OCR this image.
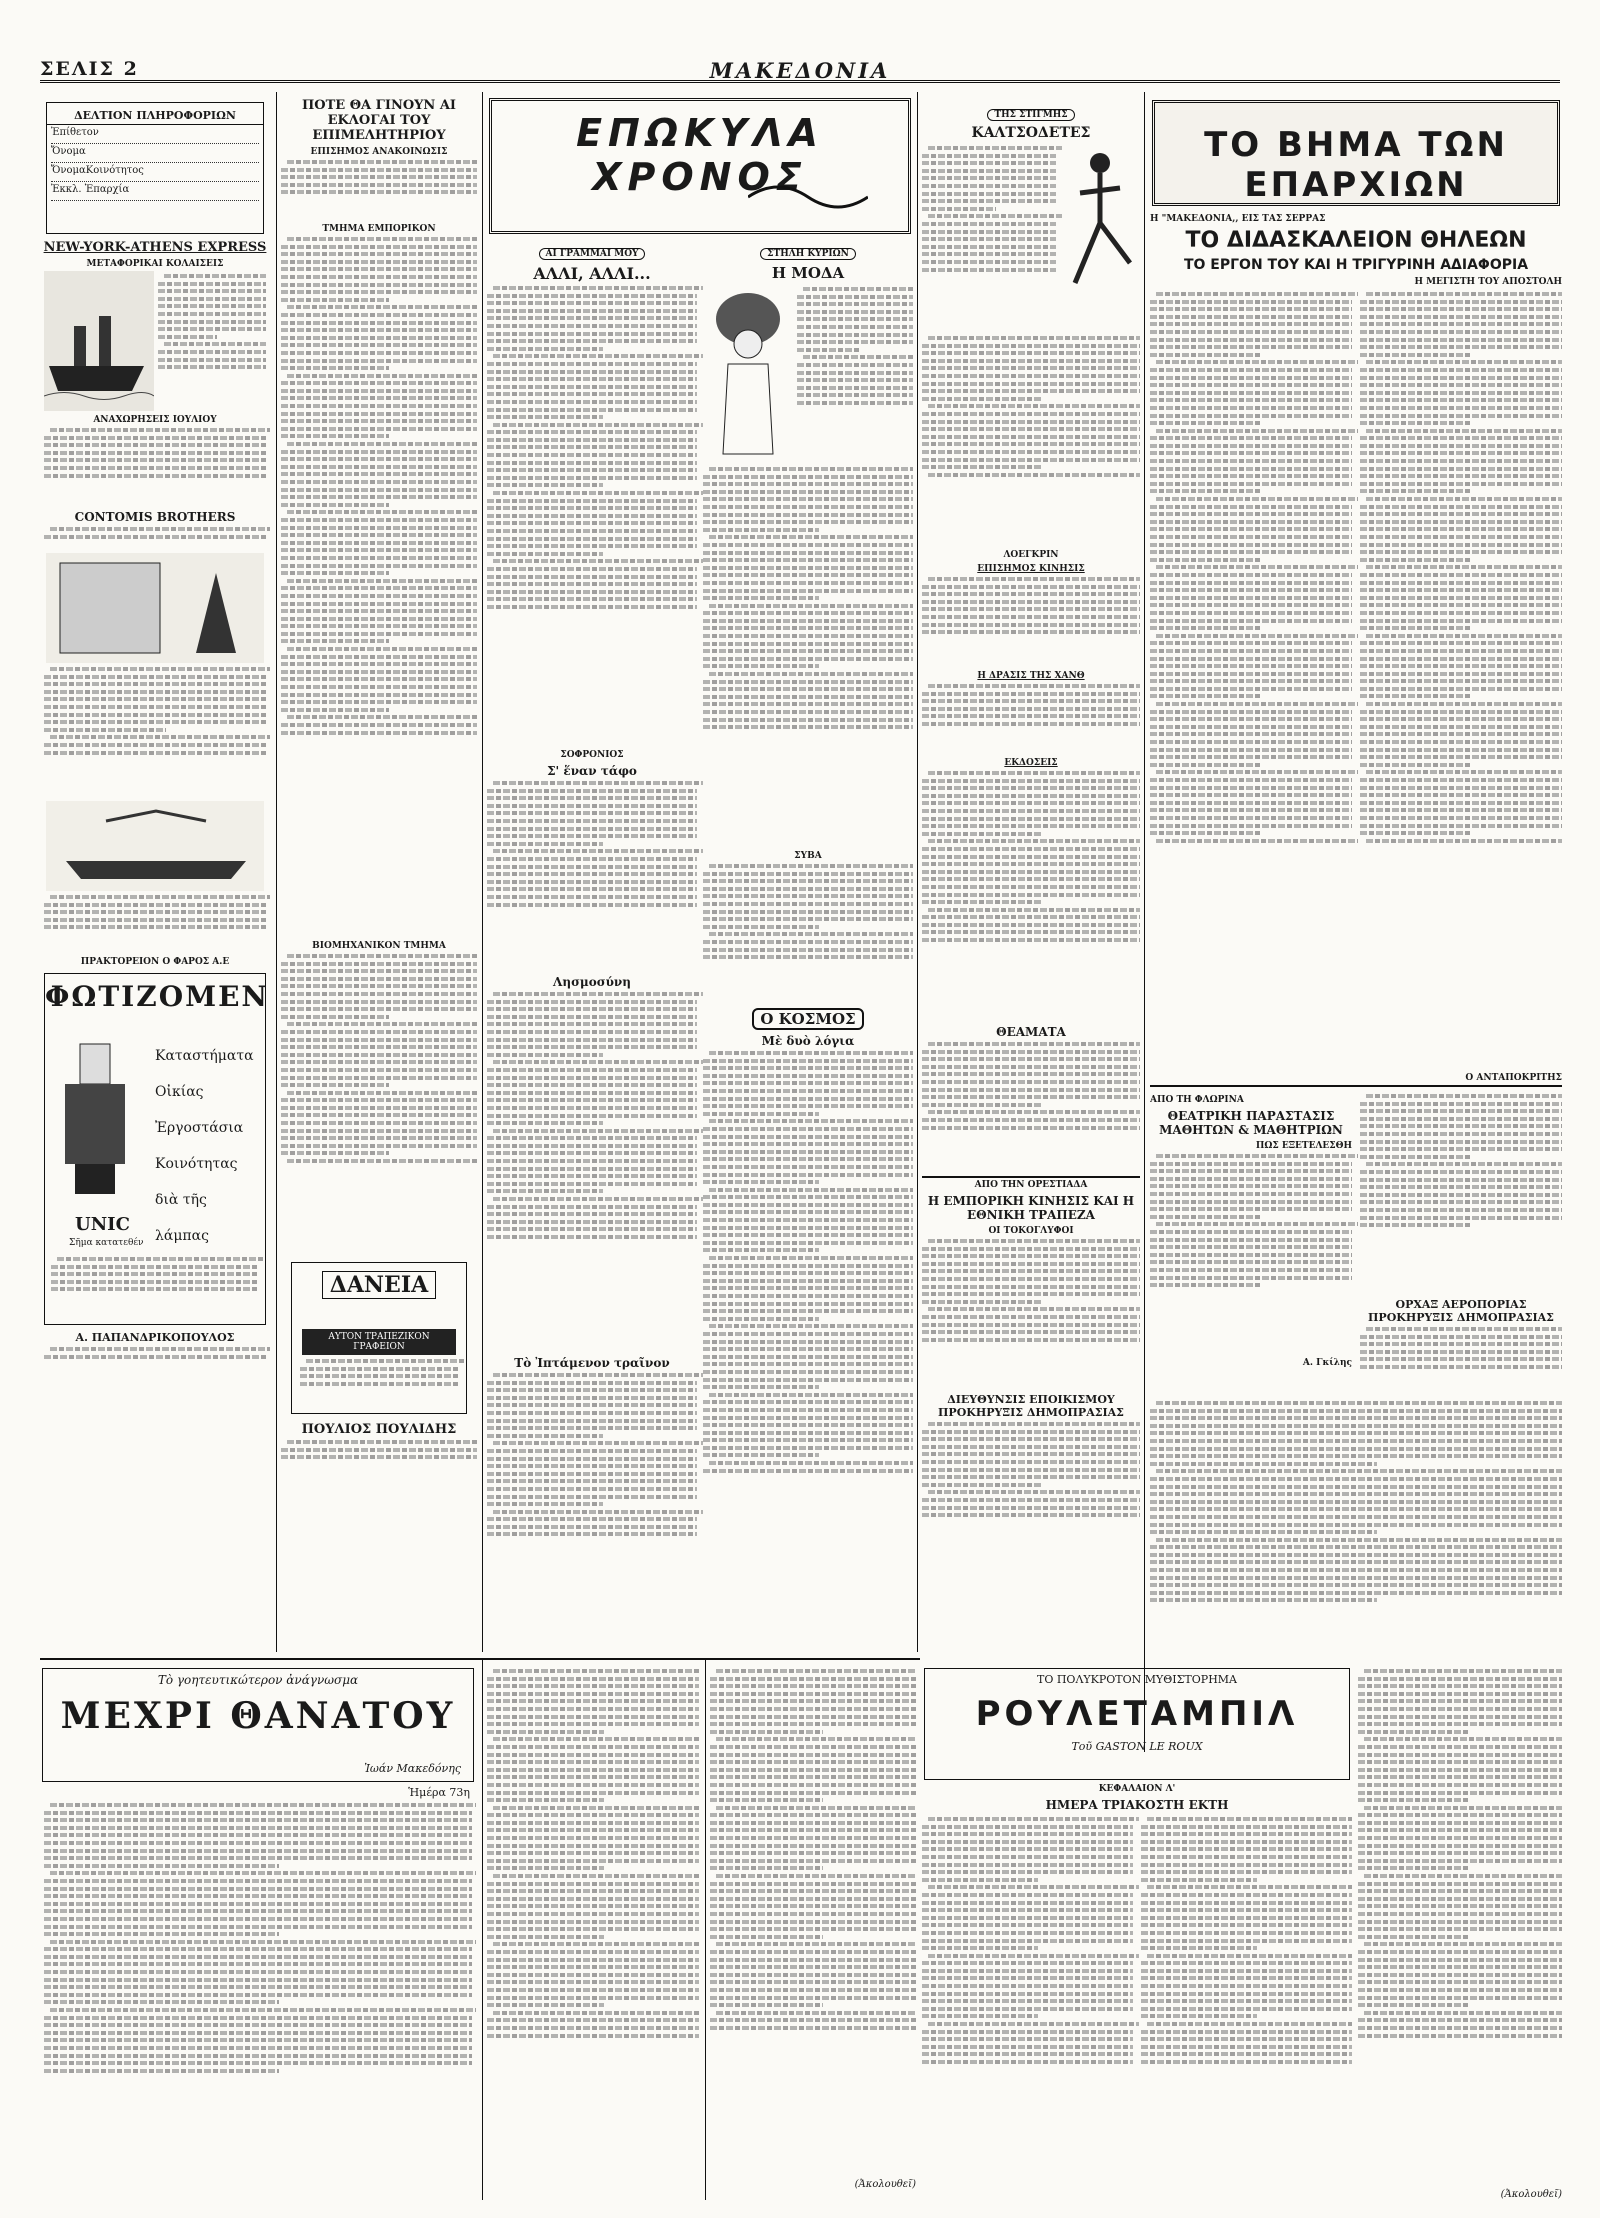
ΣΕΛΙΣ 2	ΜΑΚΕΔΟΝΙΑ
ΔΕΛΤΙΟΝ ΠΛΗΡΟΦΟΡΙΩΝ
Ἐπίθετον
Ὄνομα
ὌνομαΚοινότητος
Ἐκκλ. Ἐπαρχία
NEW-YORK-ATHENS EXPRESS
ΜΕΤΑΦΟΡΙΚΑΙ ΚΟΛΑΙΣΕΙΣ
ΑΝΑΧΩΡΗΣΕΙΣ ΙΟΥΛΙΟΥ
CONTOMIS BROTHERS
ΠΡΑΚΤΟΡΕΙΟΝ Ο ΦΑΡΟΣ Α.Ε
ΦΩΤΙΖΟΜΕΝ
Καταστήματα
Οἰκίας
Ἐργοστάσια
Κοινότητας
διὰ τῆς λάμπας
UNIC
Σῆμα κατατεθέν
Α. ΠΑΠΑΝΔΡΙΚΟΠΟΥΛΟΣ
ΠΟΤΕ ΘΑ ΓΙΝΟΥΝ ΑΙ ΕΚΛΟΓΑΙ ΤΟΥ ΕΠΙΜΕΛΗΤΗΡΙΟΥ
ΕΠΙΣΗΜΟΣ ΑΝΑΚΟΙΝΩΣΙΣ
ΤΜΗΜΑ ΕΜΠΟΡΙΚΟΝ
ΒΙΟΜΗΧΑΝΙΚΟΝ ΤΜΗΜΑ
ΔΑΝΕΙΑ
ΑΥΤΟΝ ΤΡΑΠΕΖΙΚΟΝ ΓΡΑΦΕΙΟΝ
ΠΟΥΛΙΟΣ ΠΟΥΛΙΔΗΣ
ΕΠΩΚΥΛΑ ΧΡΟΝΟΣ
ΑΙ ΓΡΑΜΜΑΙ ΜΟΥ
ΑΛΛΙ, ΑΛΛΙ...
ΣΟΦΡΟΝΙΟΣ
Σ' ἕναν τάφο
Λησμοσύνη
Τὸ Ἰπτάμενον τραῖνον
ΣΤΗΛΗ ΚΥΡΙΩΝ
Η ΜΟΔΑ
ΣΥΒΑ
Ο ΚΟΣΜΟΣ
Μὲ δυὸ λόγια
ΤΗΣ ΣΤΙΓΜΗΣ
ΚΑΛΤΣΟΔΕΤΕΣ
ΛΟΕΓΚΡΙΝ
ΕΠΙΣΗΜΟΣ ΚΙΝΗΣΙΣ
Η ΔΡΑΣΙΣ ΤΗΣ ΧΑΝΘ
ΕΚΔΟΣΕΙΣ
ΘΕΑΜΑΤΑ
ΑΠΟ ΤΗΝ ΟΡΕΣΤΙΑΔΑ
Η ΕΜΠΟΡΙΚΗ ΚΙΝΗΣΙΣ ΚΑΙ Η ΕΘΝΙΚΗ ΤΡΑΠΕΖΑ
ΟΙ ΤΟΚΟΓΛΥΦΟΙ
ΔΙΕΥΘΥΝΣΙΣ ΕΠΟΙΚΙΣΜΟΥ ΠΡΟΚΗΡΥΞΙΣ ΔΗΜΟΠΡΑΣΙΑΣ
ΤΟ ΒΗΜΑ ΤΩΝ ΕΠΑΡΧΙΩΝ
Η "ΜΑΚΕΔΟΝΙΑ,, ΕΙΣ ΤΑΣ ΣΕΡΡΑΣ
ΤΟ ΔΙΔΑΣΚΑΛΕΙΟΝ ΘΗΛΕΩΝ
ΤΟ ΕΡΓΟΝ ΤΟΥ ΚΑΙ Η ΤΡΙΓΥΡΙΝΗ ΑΔΙΑΦΟΡΙΑ
Η ΜΕΓΙΣΤΗ ΤΟΥ ΑΠΟΣΤΟΛΗ
Ο ΑΝΤΑΠΟΚΡΙΤΗΣ
ΑΠΟ ΤΗ ΦΛΩΡΙΝΑ
ΘΕΑΤΡΙΚΗ ΠΑΡΑΣΤΑΣΙΣ ΜΑΘΗΤΩΝ & ΜΑΘΗΤΡΙΩΝ
ΠΩΣ ΕΞΕΤΕΛΕΣΘΗ
Α. Γκίλης
ΟΡΧΑΞ ΑΕΡΟΠΟΡΙΑΣ ΠΡΟΚΗΡΥΞΙΣ ΔΗΜΟΠΡΑΣΙΑΣ
Τὸ γοητευτικώτερον ἀνάγνωσμα
ΜΕΧΡΙ ΘΑΝΑΤΟΥ
Ἰωάν Μακεδόνης
Ἡμέρα 73η
(Ἀκολουθεῖ)
ΤΟ ΠΟΛΥΚΡΟΤΟΝ ΜΥΘΙΣΤΟΡΗΜΑ
ΡΟΥΛΕΤΑΜΠΙΛ
Τοῦ GASTON LE ROUX
ΚΕΦΑΛΑΙΟΝ Λ'
ΗΜΕΡΑ ΤΡΙΑΚΟΣΤΗ ΕΚΤΗ
(Ἀκολουθεῖ)
